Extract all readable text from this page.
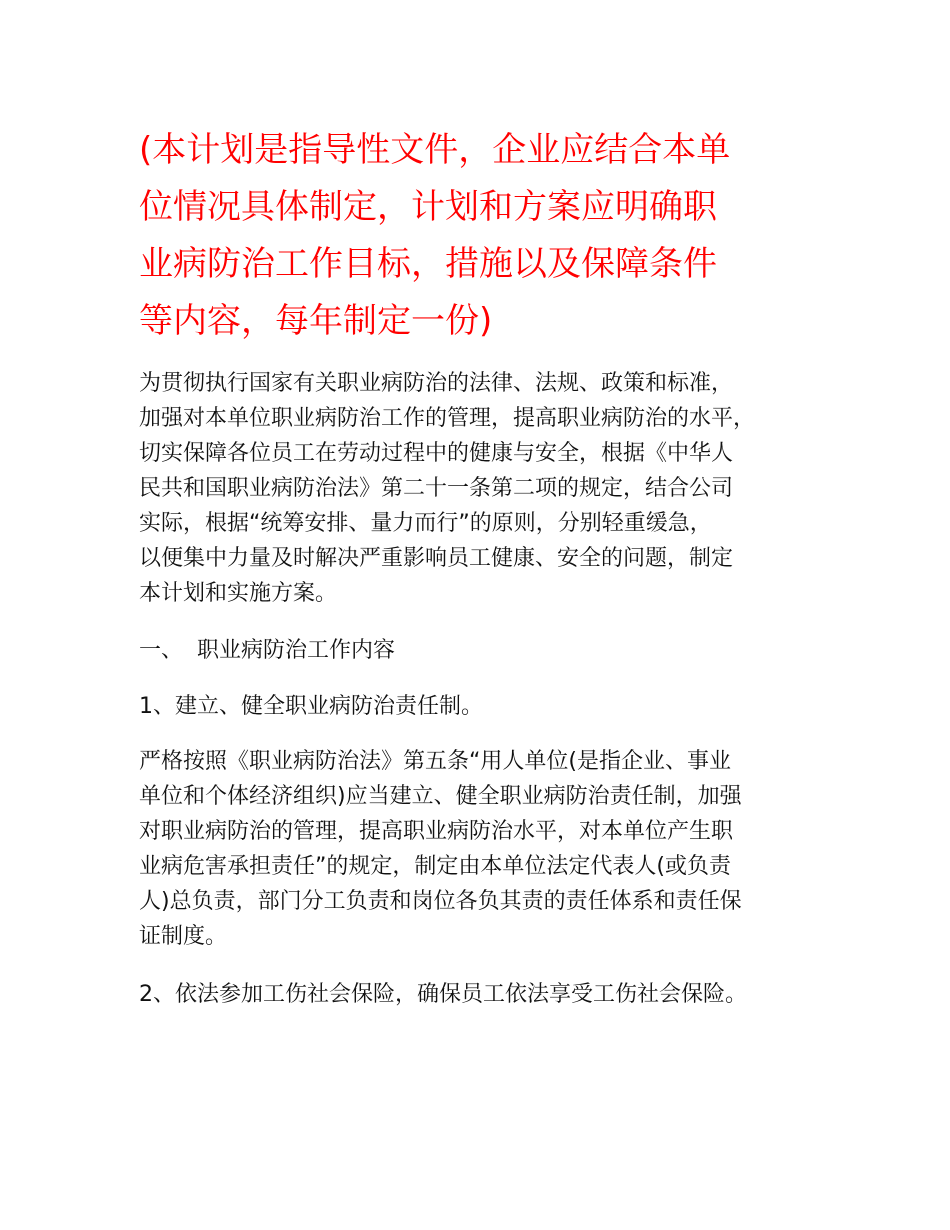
(本计划是指导性文件，企业应结合本单
位情况具体制定，计划和方案应明确职
业病防治工作目标，措施以及保障条件
等内容，每年制定一份)
为贯彻执行国家有关职业病防治的法律、法规、政策和标准，
加强对本单位职业病防治工作的管理，提高职业病防治的水平，
切实保障各位员工在劳动过程中的健康与安全，根据《中华人
民共和国职业病防治法》第二十一条第二项的规定，结合公司
实际，根据“统筹安排、量力而行”的原则，分别轻重缓急，
以便集中力量及时解决严重影响员工健康、安全的问题，制定
本计划和实施方案。
一、 职业病防治工作内容
1、建立、健全职业病防治责任制。
严格按照《职业病防治法》第五条“用人单位(是指企业、事业
单位和个体经济组织)应当建立、健全职业病防治责任制，加强
对职业病防治的管理，提高职业病防治水平，对本单位产生职
业病危害承担责任”的规定，制定由本单位法定代表人(或负责
人)总负责，部门分工负责和岗位各负其责的责任体系和责任保
证制度。
2、依法参加工伤社会保险，确保员工依法享受工伤社会保险。
